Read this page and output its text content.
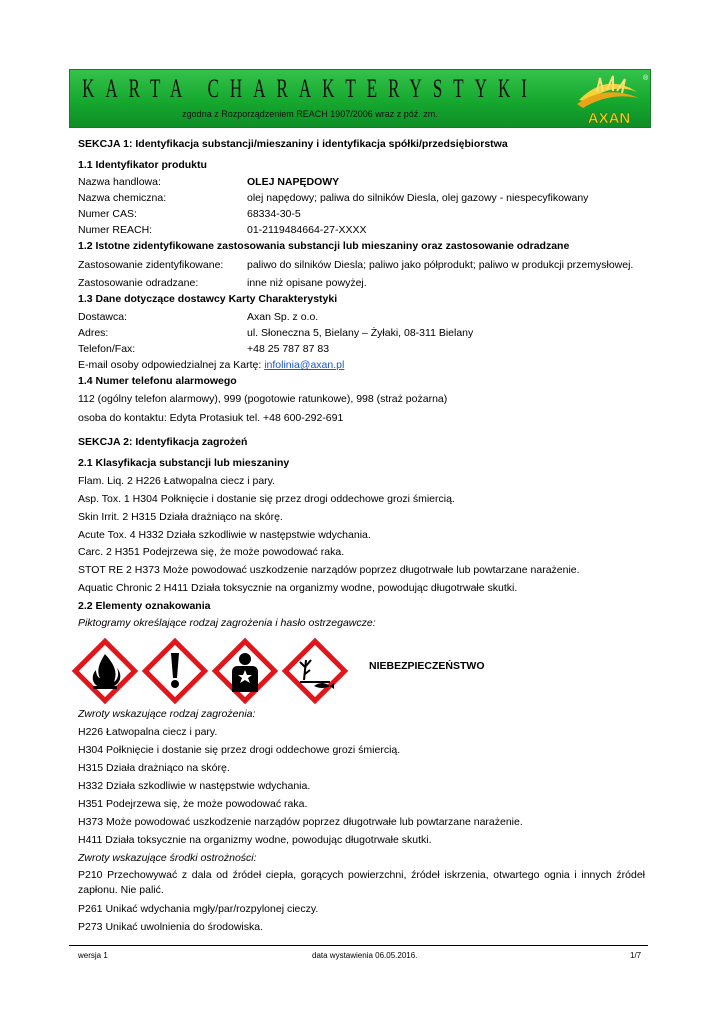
KARTA CHARAKTERYSTYKI
zgodna z Rozporządzeniem REACH 1907/2006 wraz z póź. zm.	AXAN
®
SEKCJA 1: Identyfikacja substancji/mieszaniny i identyfikacja spółki/przedsiębiorstwa
1.1 Identyfikator produktu
Nazwa handlowa:	OLEJ NAPĘDOWY
Nazwa chemiczna:	olej napędowy; paliwa do silników Diesla, olej gazowy - niespecyfikowany
Numer CAS:	68334-30-5
Numer REACH:	01-2119484664-27-XXXX
1.2 Istotne zidentyfikowane zastosowania substancji lub mieszaniny oraz zastosowanie odradzane
Zastosowanie zidentyfikowane: paliwo do silników Diesla; paliwo jako półprodukt; paliwo w produkcji przemysłowej.
Zastosowanie odradzane:	inne niż opisane powyżej.
1.3 Dane dotyczące dostawcy Karty Charakterystyki
Dostawca:	Axan Sp. z o.o.
Adres:	ul. Słoneczna 5, Bielany – Żyłaki, 08-311 Bielany
Telefon/Fax:	+48 25 787 87 83
E-mail osoby odpowiedzialnej za Kartę: infolinia@axan.pl
1.4 Numer telefonu alarmowego
112 (ogólny telefon alarmowy), 999 (pogotowie ratunkowe), 998 (straż pożarna)
osoba do kontaktu: Edyta Protasiuk tel. +48 600-292-691
SEKCJA 2: Identyfikacja zagrożeń
2.1 Klasyfikacja substancji lub mieszaniny
Flam. Liq. 2 H226 Łatwopalna ciecz i pary.
Asp. Tox. 1 H304 Połknięcie i dostanie się przez drogi oddechowe grozi śmiercią.
Skin Irrit. 2 H315 Działa drażniąco na skórę.
Acute Tox. 4 H332 Działa szkodliwie w następstwie wdychania.
Carc. 2 H351 Podejrzewa się, że może powodować raka.
STOT RE 2 H373 Może powodować uszkodzenie narządów poprzez długotrwałe lub powtarzane narażenie.
Aquatic Chronic 2 H411 Działa toksycznie na organizmy wodne, powodując długotrwałe skutki.
2.2 Elementy oznakowania
Piktogramy określające rodzaj zagrożenia i hasło ostrzegawcze:
NIEBEZPIECZEŃSTWO
Zwroty wskazujące rodzaj zagrożenia:
H226 Łatwopalna ciecz i pary.
H304 Połknięcie i dostanie się przez drogi oddechowe grozi śmiercią.
H315 Działa drażniąco na skórę.
H332 Działa szkodliwie w następstwie wdychania.
H351 Podejrzewa się, że może powodować raka.
H373 Może powodować uszkodzenie narządów poprzez długotrwałe lub powtarzane narażenie.
H411 Działa toksycznie na organizmy wodne, powodując długotrwałe skutki.
Zwroty wskazujące środki ostrożności:
P210 Przechowywać z dala od źródeł ciepła, gorących powierzchni, źródeł iskrzenia, otwartego ognia i innych źródeł zapłonu. Nie palić.
P261 Unikać wdychania mgły/par/rozpylonej cieczy.
P273 Unikać uwolnienia do środowiska.
wersja 1	data wystawienia 06.05.2016.	1/7
